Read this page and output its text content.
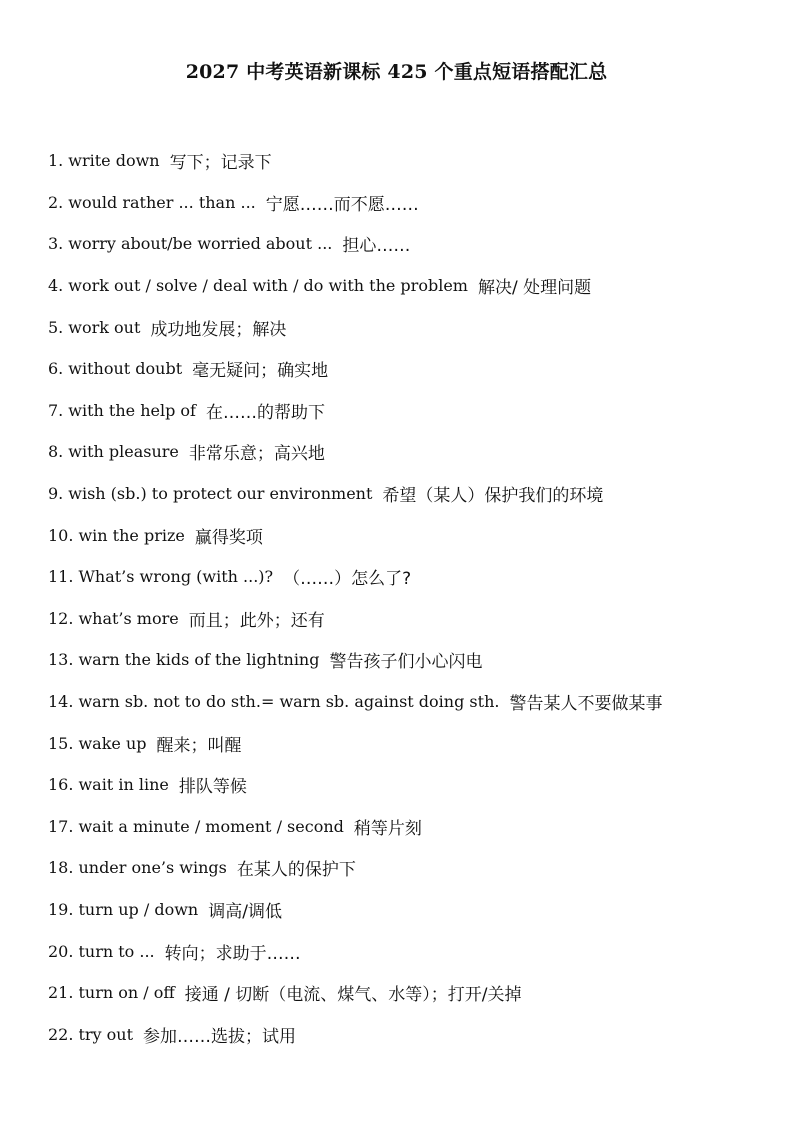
2027 中考英语新课标 425 个重点短语搭配汇总
1. write down 写下；记录下
2. would rather ... than ... 宁愿……而不愿……
3. worry about/be worried about ... 担心……
4. work out / solve / deal with / do with the problem 解决/ 处理问题
5. work out 成功地发展；解决
6. without doubt 毫无疑问；确实地
7. with the help of 在……的帮助下
8. with pleasure 非常乐意；高兴地
9. wish (sb.) to protect our environment 希望（某人）保护我们的环境
10. win the prize 赢得奖项
11. What’s wrong (with ...)? （……）怎么了?
12. what’s more 而且；此外；还有
13. warn the kids of the lightning 警告孩子们小心闪电
14. warn sb. not to do sth.= warn sb. against doing sth. 警告某人不要做某事
15. wake up 醒来；叫醒
16. wait in line 排队等候
17. wait a minute / moment / second 稍等片刻
18. under one’s wings 在某人的保护下
19. turn up / down 调高/调低
20. turn to ... 转向；求助于……
21. turn on / off 接通 / 切断（电流、煤气、水等）；打开/关掉
22. try out 参加……选拔；试用
